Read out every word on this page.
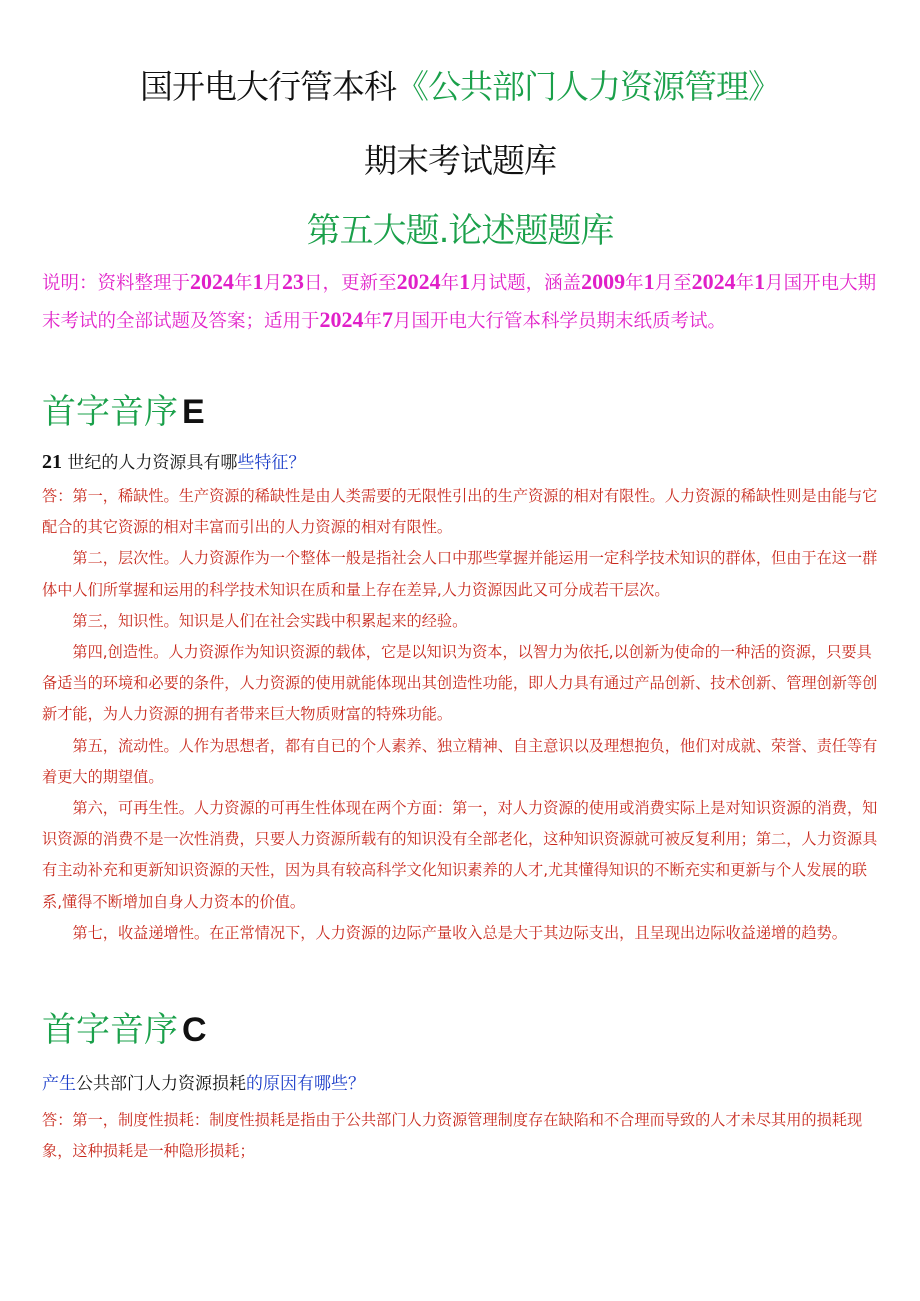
国开电大行管本科《公共部门人力资源管理》
期末考试题库
第五大题.论述题题库
说明：资料整理于2024年1月23日，更新至2024年1月试题，涵盖2009年1月至2024年1月国开电大期末考试的全部试题及答案；适用于2024年7月国开电大行管本科学员期末纸质考试。
首字音序 E
21 世纪的人力资源具有哪些特征？

答：第一，稀缺性。生产资源的稀缺性是由人类需要的无限性引出的生产资源的相对有限性。人力资源的稀缺性则是由能与它配合的其它资源的相对丰富而引出的人力资源的相对有限性。

第二，层次性。人力资源作为一个整体一般是指社会人口中那些掌握并能运用一定科学技术知识的群体，但由于在这一群体中人们所掌握和运用的科学技术知识在质和量上存在差异,人力资源因此又可分成若干层次。

第三，知识性。知识是人们在社会实践中积累起来的经验。

第四,创造性。人力资源作为知识资源的载体，它是以知识为资本，以智力为依托,以创新为使命的一种活的资源，只要具备适当的环境和必要的条件，人力资源的使用就能体现出其创造性功能，即人力具有通过产品创新、技术创新、管理创新等创新才能，为人力资源的拥有者带来巨大物质财富的特殊功能。

第五，流动性。人作为思想者，都有自已的个人素养、独立精神、自主意识以及理想抱负，他们对成就、荣誉、责任等有着更大的期望值。

第六，可再生性。人力资源的可再生性体现在两个方面：第一，对人力资源的使用或消费实际上是对知识资源的消费，知识资源的消费不是一次性消费，只要人力资源所载有的知识没有全部老化，这种知识资源就可被反复利用；第二，人力资源具有主动补充和更新知识资源的天性，因为具有较高科学文化知识素养的人才,尤其懂得知识的不断充实和更新与个人发展的联系,懂得不断增加自身人力资本的价值。

第七，收益递增性。在正常情况下，人力资源的边际产量收入总是大于其边际支出，且呈现出边际收益递增的趋势。

首字音序 C
产生公共部门人力资源损耗的原因有哪些？

答：第一，制度性损耗：制度性损耗是指由于公共部门人力资源管理制度存在缺陷和不合理而导致的人才未尽其用的损耗现象，这种损耗是一种隐形损耗；
